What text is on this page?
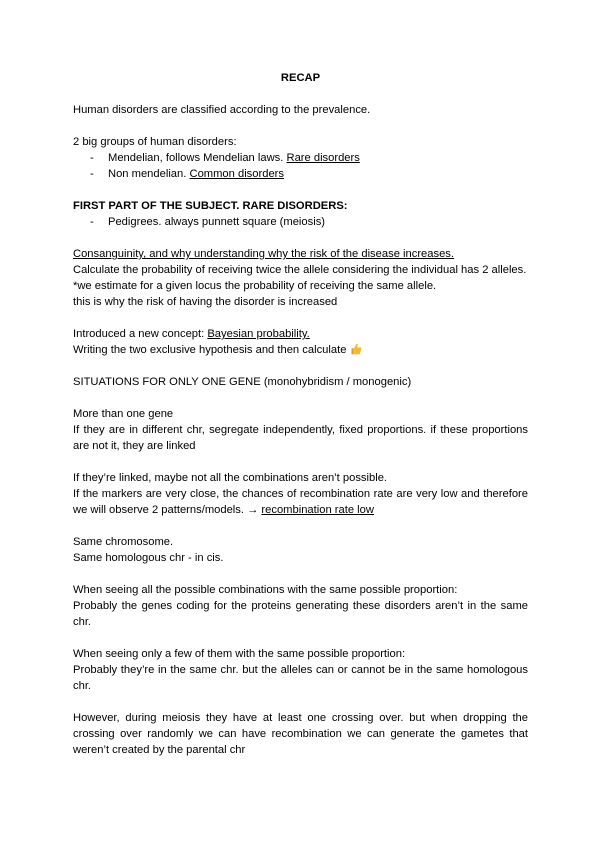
RECAP

Human disorders are classified according to the prevalence.

2 big groups of human disorders:

- Mendelian, follows Mendelian laws. Rare disorders
- Non mendelian. Common disorders

FIRST PART OF THE SUBJECT. RARE DISORDERS:

- Pedigrees. always punnett square (meiosis)

Consanguinity, and why understanding why the risk of the disease increases.

Calculate the probability of receiving twice the allele considering the individual has 2 alleles.

*we estimate for a given locus the probability of receiving the same allele.

this is why the risk of having the disorder is increased

Introduced a new concept: Bayesian probability.

Writing the two exclusive hypothesis and then calculate

SITUATIONS FOR ONLY ONE GENE (monohybridism / monogenic)

More than one gene

If they are in different chr, segregate independently, fixed proportions. if these proportions are not it, they are linked

If they’re linked, maybe not all the combinations aren’t possible.

If the markers are very close, the chances of recombination rate are very low and therefore we will observe 2 patterns/models. → recombination rate low

Same chromosome.

Same homologous chr - in cis.

When seeing all the possible combinations with the same possible proportion:

Probably the genes coding for the proteins generating these disorders aren’t in the same chr.

When seeing only a few of them with the same possible proportion:

Probably they’re in the same chr. but the alleles can or cannot be in the same homologous chr.

However, during meiosis they have at least one crossing over. but when dropping the crossing over randomly we can have recombination we can generate the gametes that weren’t created by the parental chr
